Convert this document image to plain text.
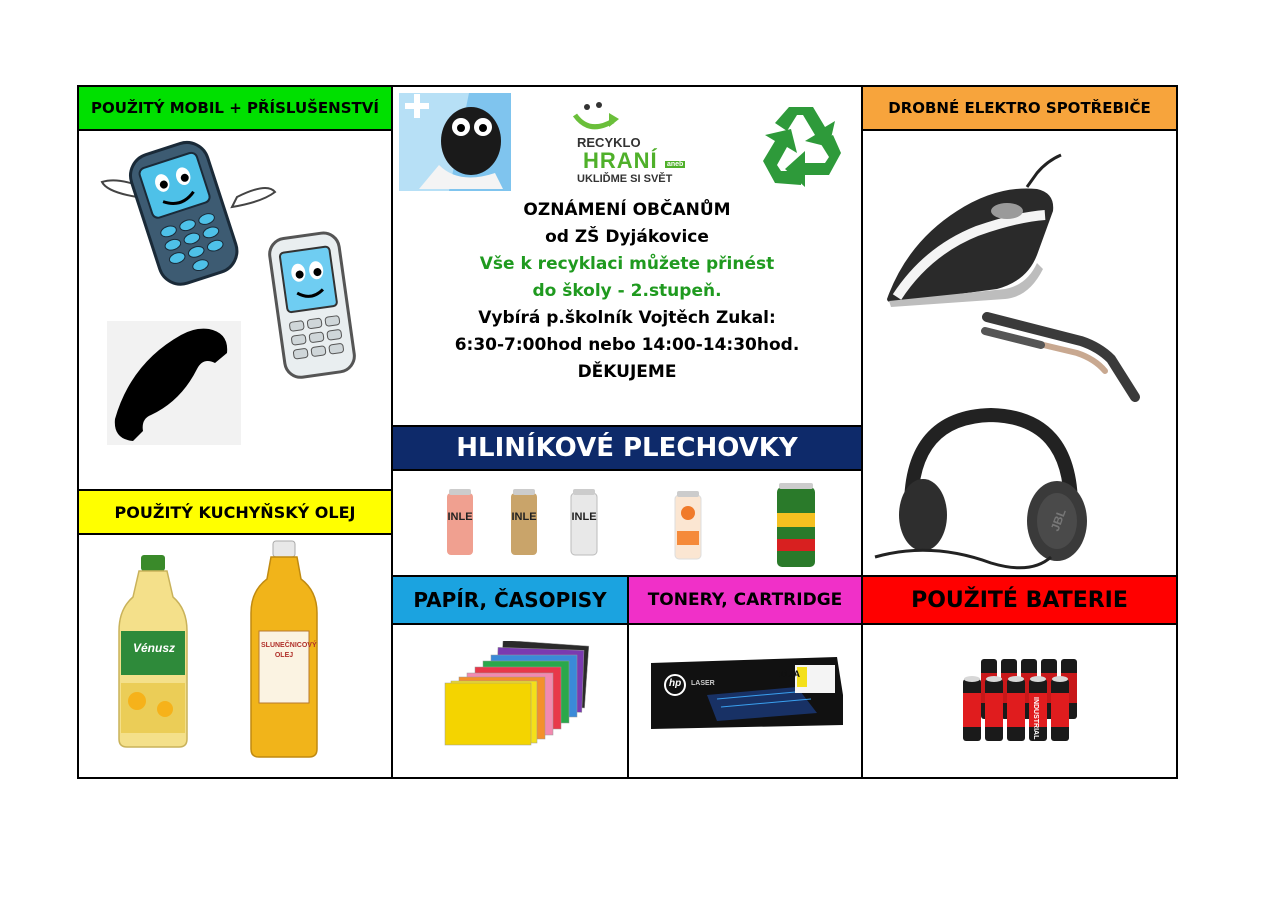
POUŽITÝ MOBIL + PŘÍSLUŠENSTVÍ
POUŽITÝ KUCHYŇSKÝ OLEJ
Vénusz	SLUNEČNICOVÝ OLEJ
RECYKLO
HRANÍ aneb
UKLIĎME SI SVĚT
OZNÁMENÍ OBČANŮM
od ZŠ Dyjákovice
Vše k recyklaci můžete přinést
do školy - 2.stupeň.
Vybírá p.školník Vojtěch Zukal:
6:30-7:00hod nebo 14:00-14:30hod.
DĚKUJEME
HLINÍKOVÉ PLECHOVKY
INLE	INLE	INLE
DROBNÉ ELEKTRO SPOTŘEBIČE
JBL
PAPÍR, ČASOPISY TONERY, CARTRIDGE
hp LASER
117A
POUŽITÉ BATERIE
INDUSTRIAL
